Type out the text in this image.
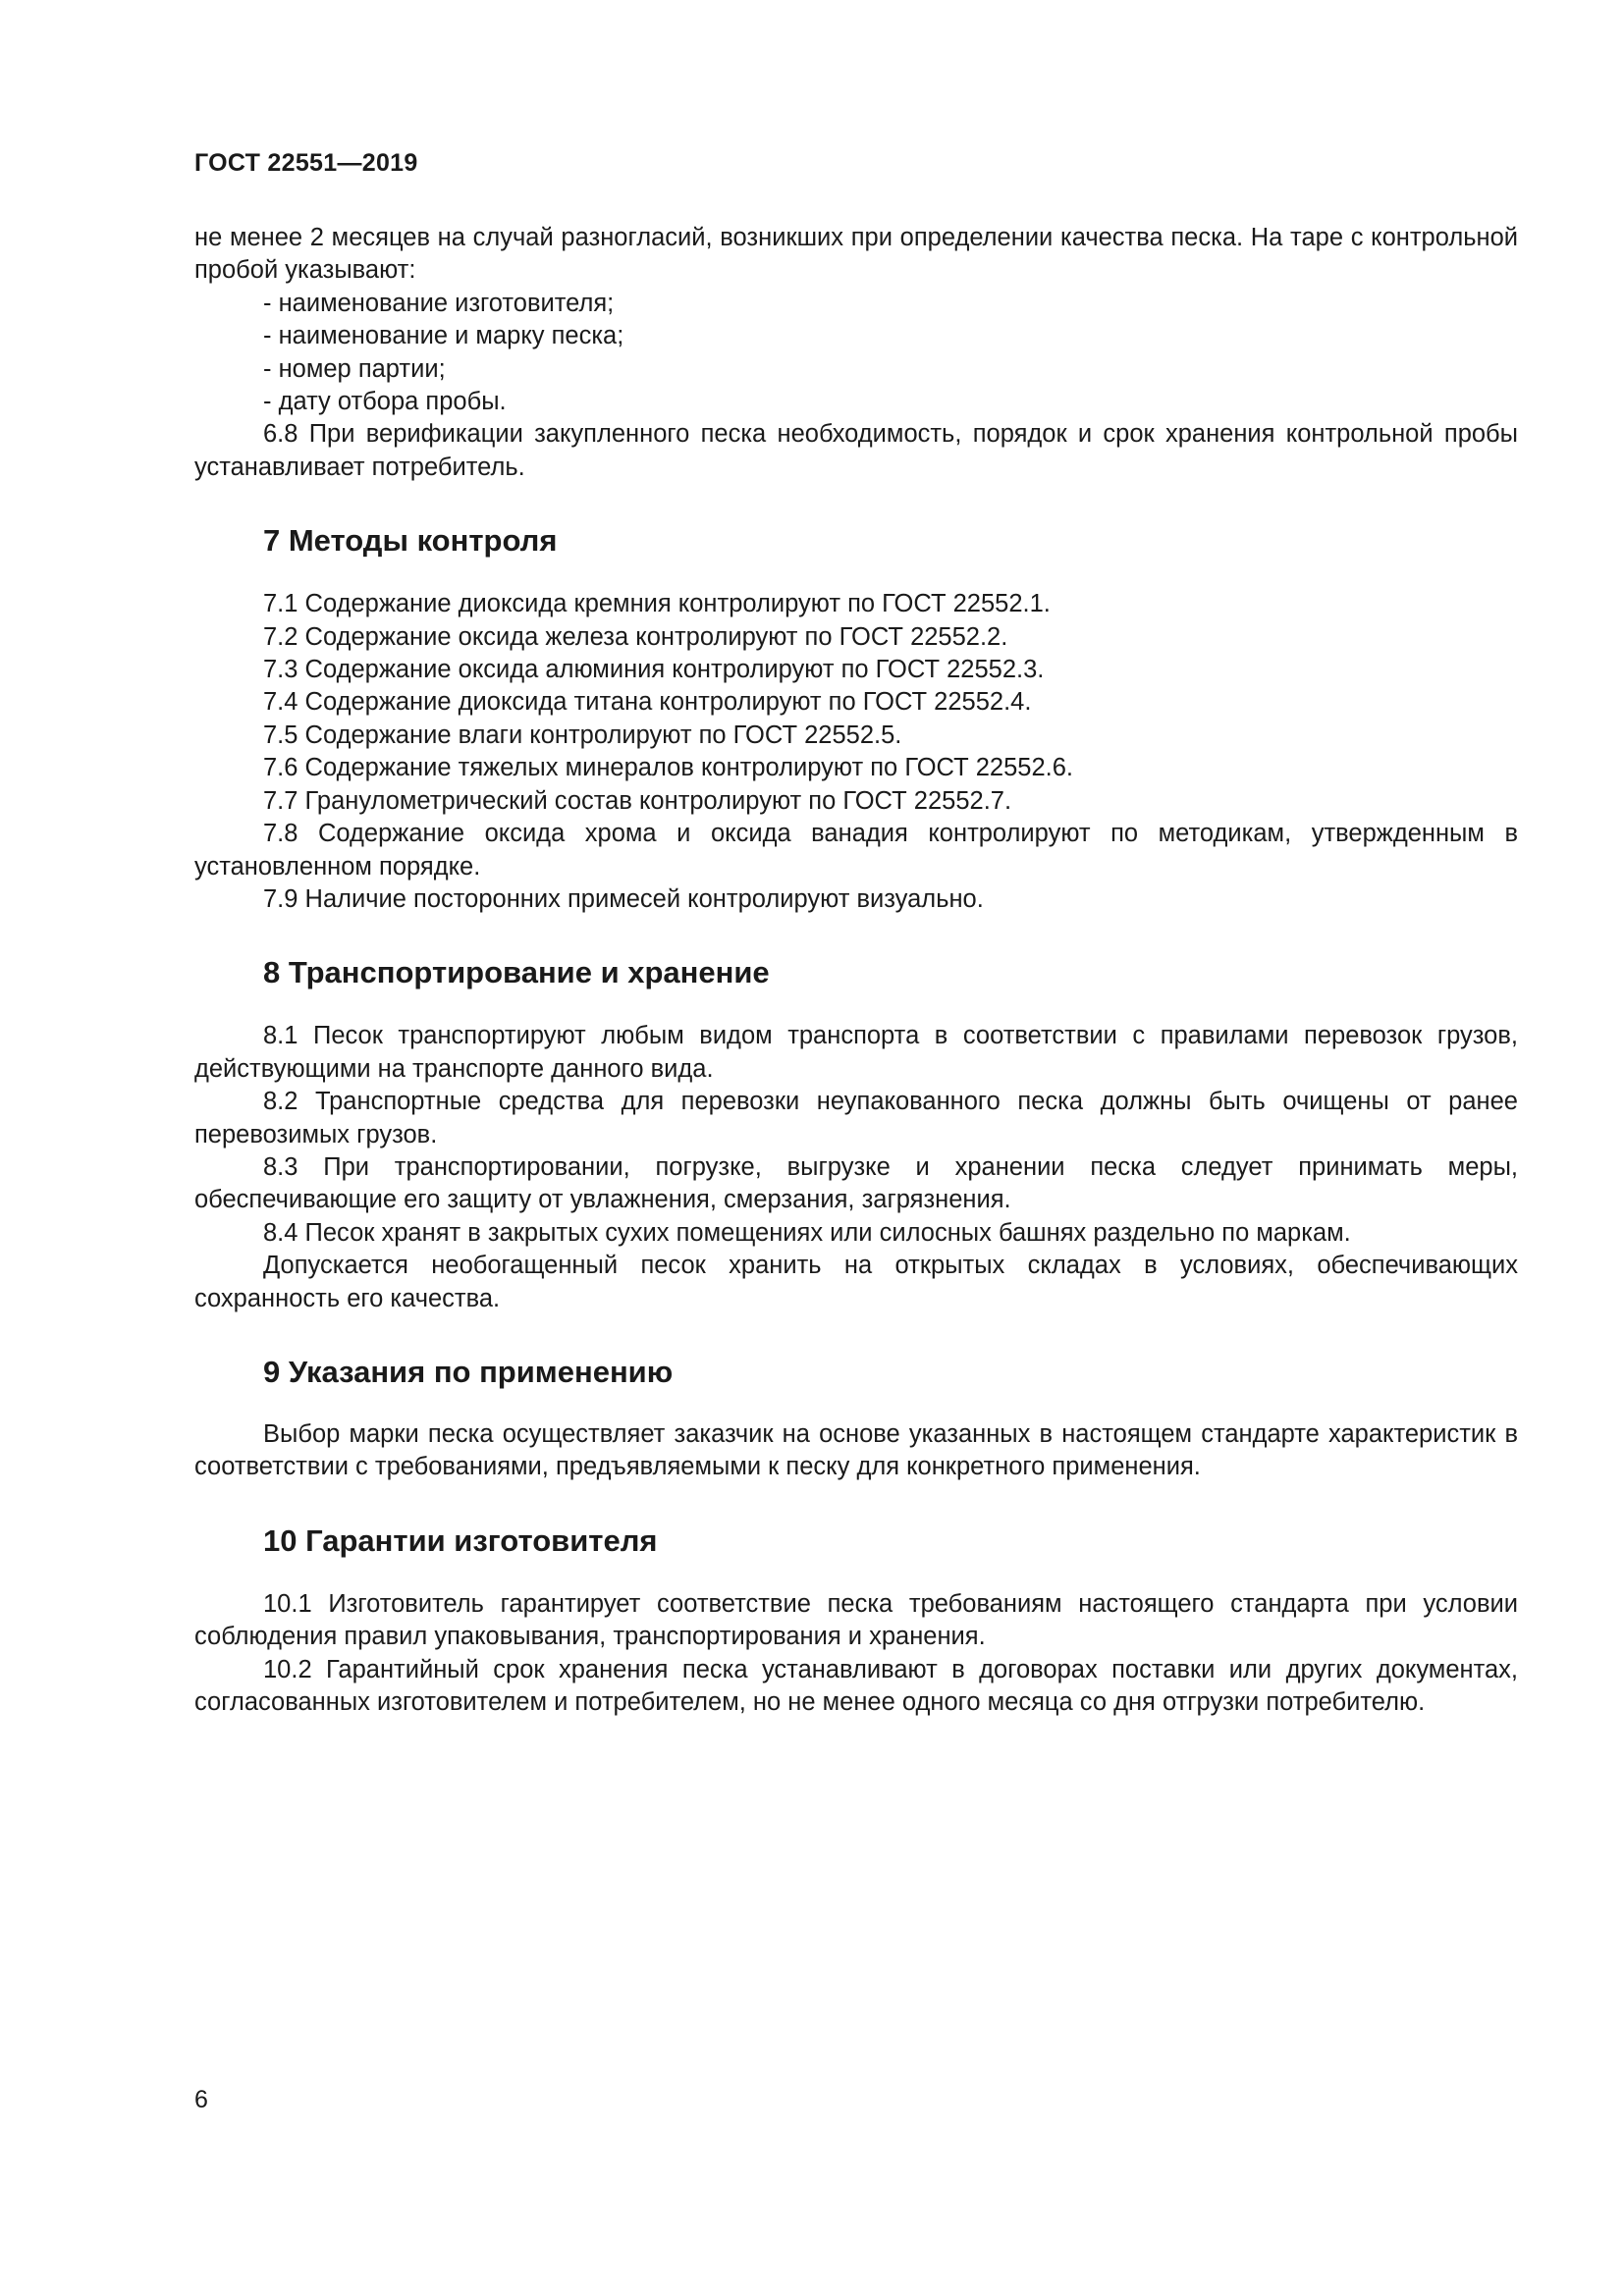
ГОСТ 22551—2019

не менее 2 месяцев на случай разногласий, возникших при определении качества песка. На таре с контрольной пробой указывают:

- наименование изготовителя;

- наименование и марку песка;

- номер партии;

- дату отбора пробы.

6.8 При верификации закупленного песка необходимость, порядок и срок хранения контрольной пробы устанавливает потребитель.

7 Методы контроля

7.1 Содержание диоксида кремния контролируют по ГОСТ 22552.1.

7.2 Содержание оксида железа контролируют по ГОСТ 22552.2.

7.3 Содержание оксида алюминия контролируют по ГОСТ 22552.3.

7.4 Содержание диоксида титана контролируют по ГОСТ 22552.4.

7.5 Содержание влаги контролируют по ГОСТ 22552.5.

7.6 Содержание тяжелых минералов контролируют по ГОСТ 22552.6.

7.7 Гранулометрический состав контролируют по ГОСТ 22552.7.

7.8 Содержание оксида хрома и оксида ванадия контролируют по методикам, утвержденным в установленном порядке.

7.9 Наличие посторонних примесей контролируют визуально.

8 Транспортирование и хранение

8.1 Песок транспортируют любым видом транспорта в соответствии с правилами перевозок грузов, действующими на транспорте данного вида.

8.2 Транспортные средства для перевозки неупакованного песка должны быть очищены от ранее перевозимых грузов.

8.3 При транспортировании, погрузке, выгрузке и хранении песка следует принимать меры, обеспечивающие его защиту от увлажнения, смерзания, загрязнения.

8.4 Песок хранят в закрытых сухих помещениях или силосных башнях раздельно по маркам.

Допускается необогащенный песок хранить на открытых складах в условиях, обеспечивающих сохранность его качества.

9 Указания по применению

Выбор марки песка осуществляет заказчик на основе указанных в настоящем стандарте характеристик в соответствии с требованиями, предъявляемыми к песку для конкретного применения.

10 Гарантии изготовителя

10.1 Изготовитель гарантирует соответствие песка требованиям настоящего стандарта при условии соблюдения правил упаковывания, транспортирования и хранения.

10.2 Гарантийный срок хранения песка устанавливают в договорах поставки или других документах, согласованных изготовителем и потребителем, но не менее одного месяца со дня отгрузки потребителю.

6
